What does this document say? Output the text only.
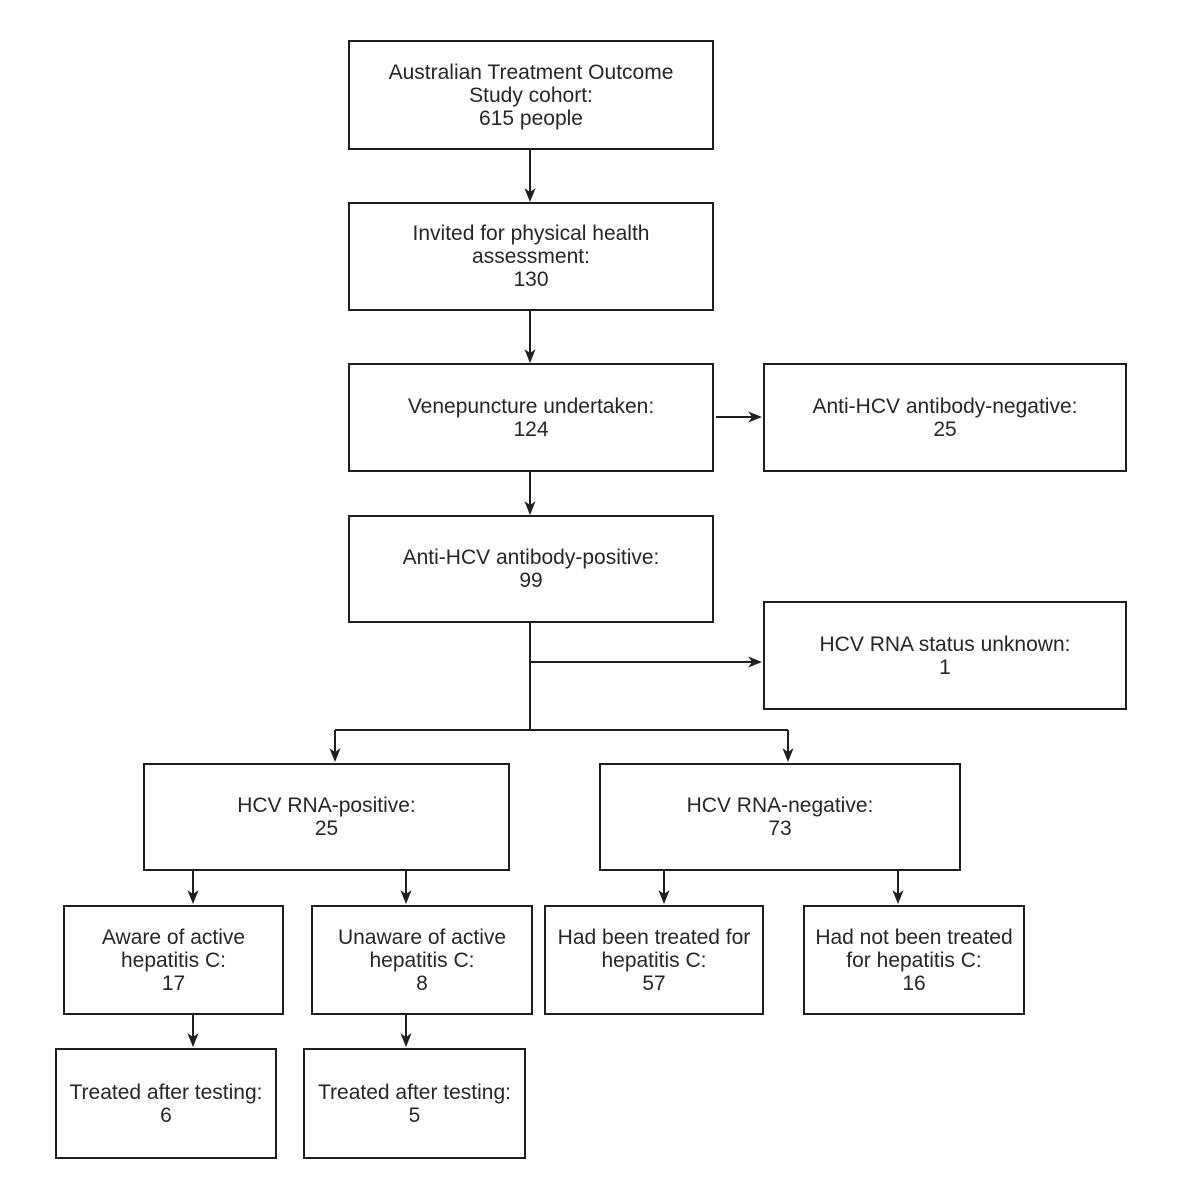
Australian Treatment Outcome
Study cohort:
615 people
Invited for physical health
assessment:
130
Venepuncture undertaken:
124
Anti-HCV antibody-negative:
25
Anti-HCV antibody-positive:
99
HCV RNA status unknown:
1
HCV RNA-positive:
25
HCV RNA-negative:
73
Aware of active
hepatitis C:
17
Unaware of active
hepatitis C:
8
Had been treated for
hepatitis C:
57
Had not been treated
for hepatitis C:
16
Treated after testing:
6
Treated after testing:
5
